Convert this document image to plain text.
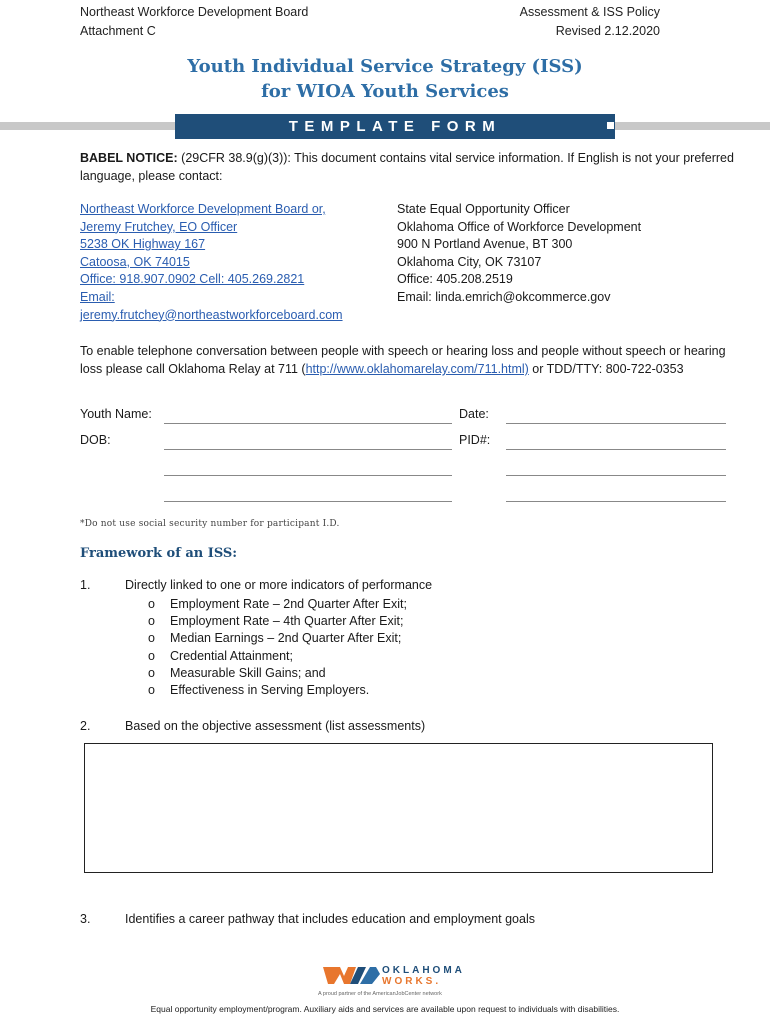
Northeast Workforce Development Board
Attachment C
Assessment & ISS Policy
Revised 2.12.2020
Youth Individual Service Strategy (ISS)
for WIOA Youth Services
TEMPLATE FORM
BABEL NOTICE: (29CFR 38.9(g)(3)): This document contains vital service information. If English is not your preferred language, please contact:
Northeast Workforce Development Board or,
Jeremy Frutchey, EO Officer
5238 OK Highway 167
Catoosa, OK 74015
Office: 918.907.0902 Cell: 405.269.2821
Email:
jeremy.frutchey@northeastworkforceboard.com
State Equal Opportunity Officer
Oklahoma Office of Workforce Development
900 N Portland Avenue, BT 300
Oklahoma City, OK 73107
Office: 405.208.2519
Email: linda.emrich@okcommerce.gov
To enable telephone conversation between people with speech or hearing loss and people without speech or hearing loss please call Oklahoma Relay at 711 (http://www.oklahomarelay.com/711.html) or TDD/TTY: 800-722-0353
Youth Name:	Date:
DOB:	PID#:
*Do not use social security number for participant I.D.
Framework of an ISS:
1.	Directly linked to one or more indicators of performance
o	Employment Rate – 2nd Quarter After Exit;
o	Employment Rate – 4th Quarter After Exit;
o	Median Earnings – 2nd Quarter After Exit;
o	Credential Attainment;
o	Measurable Skill Gains; and
o	Effectiveness in Serving Employers.
2.	Based on the objective assessment (list assessments)
3.	Identifies a career pathway that includes education and employment goals
OKLAHOMA
WORKS.
A proud partner of the AmericanJobCenter network
Equal opportunity employment/program. Auxiliary aids and services are available upon request to individuals with disabilities.
